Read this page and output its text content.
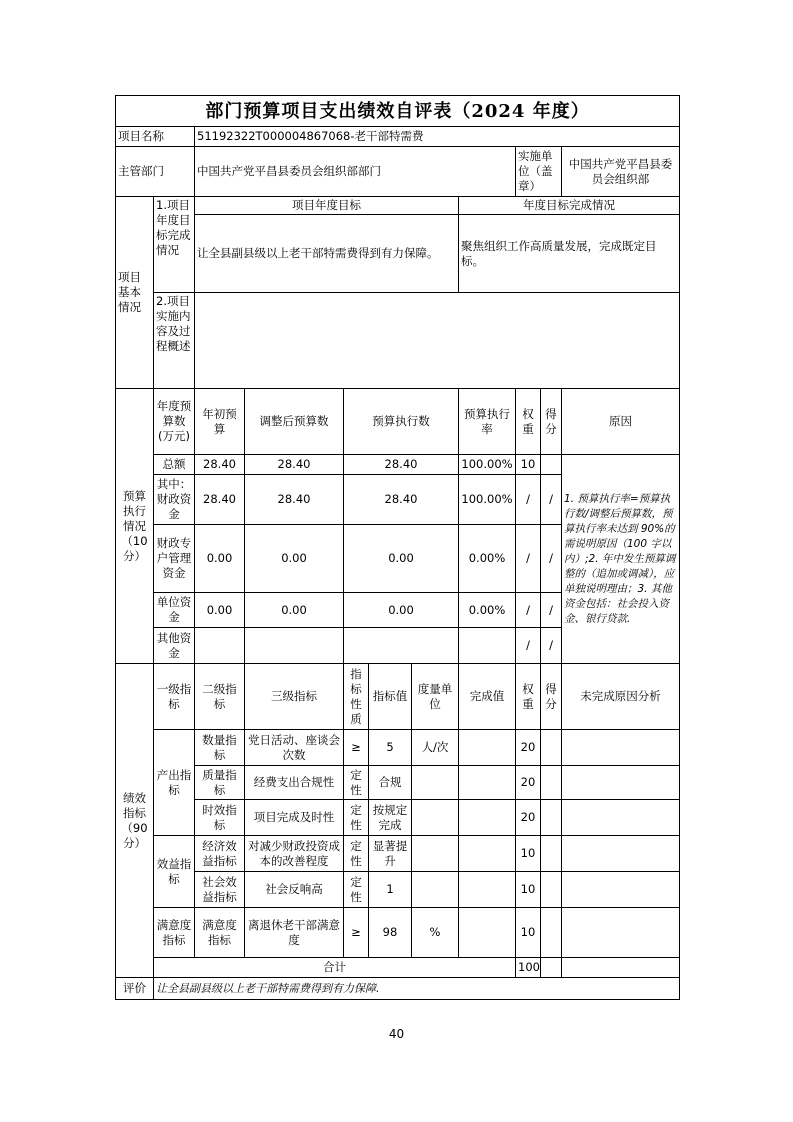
部门预算项目支出绩效自评表（2024 年度）										
项目名称		51192322T000004867068-老干部特需费								
主管部门		中国共产党平昌县委员会组织部部门						实施单位（盖章）		中国共产党平昌县委员会组织部
项目基本情况	1.项目年度目标完成情况	项目年度目标					年度目标完成情况			
		让全县副县级以上老干部特需费得到有力保障。					聚焦组织工作高质量发展，完成既定目标。			
	2.项目实施内容及过程概述									

预算执行情况（10 分）	年度预算数(万元)	年初预算	调整后预算数	预算执行数			预算执行率	权重	得分	原因
	总额	28.40	28.40	28.40			100.00%	10		1. 预算执行率=预算执行数/调整后预算数，预算执行率未达到 90%的需说明原因（100 字以内）;2. 年中发生预算调整的（追加或调减），应单独说明理由；3. 其他资金包括：社会投入资金、银行贷款.
	其中：财政资金	28.40	28.40	28.40			100.00%	/	/	
	财政专户管理资金	0.00	0.00	0.00			0.00%	/	/	
	单位资金	0.00	0.00	0.00			0.00%	/	/	
	其他资金							/	/	

绩效指标（90 分）	一级指标	二级指标	三级指标	指标性质	指标值	度量单位	完成值	权重	得分	未完成原因分析
	产出指标	数量指标	党日活动、座谈会次数	≥	5	人/次		20		
		质量指标	经费支出合规性	定性	合规			20		
		时效指标	项目完成及时性	定性	按规定完成			20		
	效益指标	经济效益指标	对减少财政投资成本的改善程度	定性	显著提升			10		
		社会效益指标	社会反响高	定性	1			10		
	满意度指标	满意度指标	离退休老干部满意度	≥	98	%		10		
	合计							100		

评价	让全县副县级以上老干部特需费得到有力保障.									
40
